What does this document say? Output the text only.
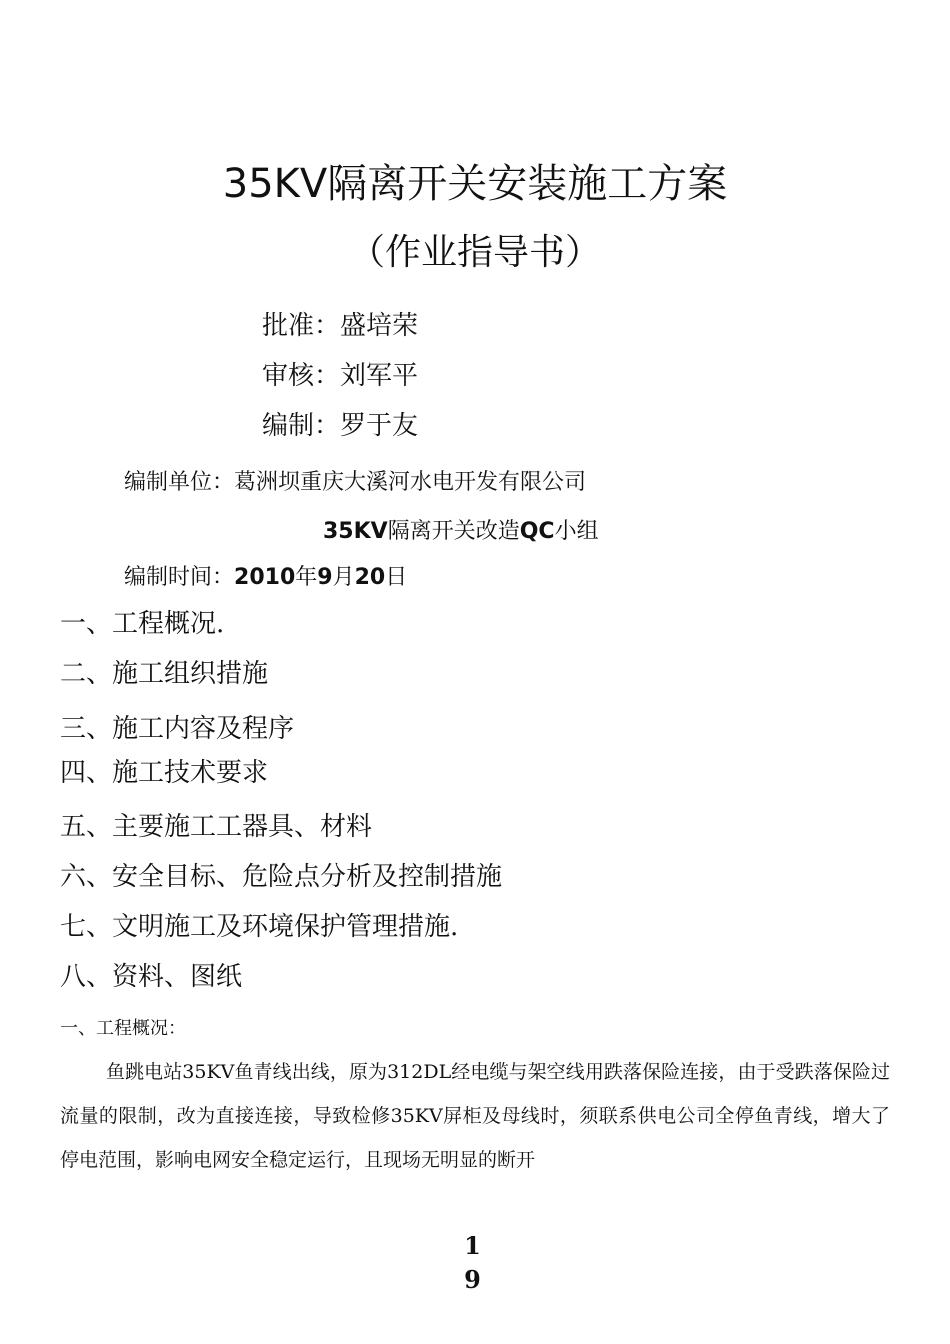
35KV隔离开关安装施工方案
（作业指导书）
批准：盛培荣
审核：刘军平
编制：罗于友
编制单位：葛洲坝重庆大溪河水电开发有限公司
35KV隔离开关改造QC小组
编制时间：2010年9月20日
一、工程概况.
二、施工组织措施
三、施工内容及程序
四、施工技术要求
五、主要施工工器具、材料
六、安全目标、危险点分析及控制措施
七、文明施工及环境保护管理措施.
八、资料、图纸
一、工程概况：
鱼跳电站35KV鱼青线出线，原为312DL经电缆与架空线用跌落保险连接，由于受跌落保险过流量的限制，改为直接连接，导致检修35KV屏柜及母线时，须联系供电公司全停鱼青线，增大了停电范围，影响电网安全稳定运行，且现场无明显的断开
1
9
